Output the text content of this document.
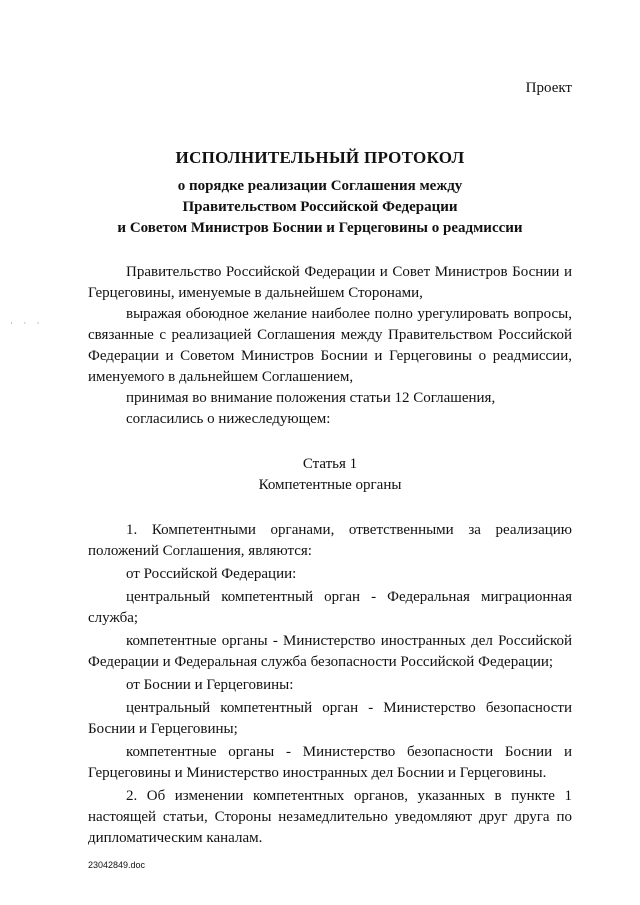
Проект
ИСПОЛНИТЕЛЬНЫЙ ПРОТОКОЛ
о порядке реализации Соглашения между
Правительством Российской Федерации
и Советом Министров Боснии и Герцеговины о реадмиссии
· · ·

Правительство Российской Федерации и Совет Министров Боснии и Герцеговины, именуемые в дальнейшем Сторонами,

выражая обоюдное желание наиболее полно урегулировать вопросы, связанные с реализацией Соглашения между Правительством Российской Федерации и Советом Министров Боснии и Герцеговины о реадмиссии, именуемого в дальнейшем Соглашением,

принимая во внимание положения статьи 12 Соглашения,

согласились о нижеследующем:

Статья 1
Компетентные органы

1. Компетентными органами, ответственными за реализацию положений Соглашения, являются:

от Российской Федерации:

центральный компетентный орган - Федеральная миграционная служба;

компетентные органы - Министерство иностранных дел Российской Федерации и Федеральная служба безопасности Российской Федерации;

от Боснии и Герцеговины:

центральный компетентный орган - Министерство безопасности Боснии и Герцеговины;

компетентные органы - Министерство безопасности Боснии и Герцеговины и Министерство иностранных дел Боснии и Герцеговины.

2. Об изменении компетентных органов, указанных в пункте 1 настоящей статьи, Стороны незамедлительно уведомляют друг друга по дипломатическим каналам.

23042849.doc
